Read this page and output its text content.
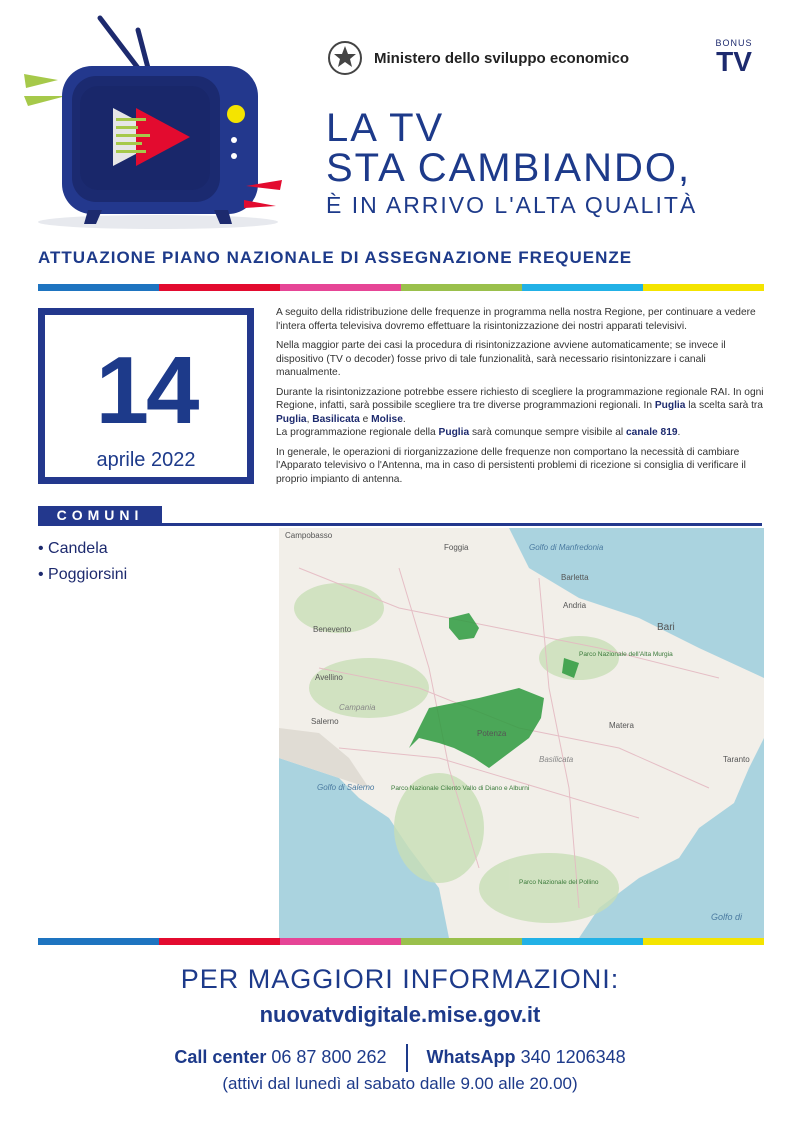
Ministero dello sviluppo economico
BONUS
TV
LA TV
STA CAMBIANDO,
È IN ARRIVO L'ALTA QUALITÀ
ATTUAZIONE PIANO NAZIONALE DI ASSEGNAZIONE FREQUENZE
14
aprile 2022

A seguito della ridistribuzione delle frequenze in programma nella nostra Regione, per continuare a vedere l'intera offerta televisiva dovremo effettuare la risintonizzazione dei nostri apparati televisivi.

Nella maggior parte dei casi la procedura di risintonizzazione avviene automaticamente; se invece il dispositivo (TV o decoder) fosse privo di tale funzionalità, sarà necessario risintonizzare i canali manualmente.

Durante la risintonizzazione potrebbe essere richiesto di scegliere la programmazione regionale RAI. In ogni Regione, infatti, sarà possibile scegliere tra tre diverse programmazioni regionali. In Puglia la scelta sarà tra Puglia, Basilicata e Molise.
La programmazione regionale della Puglia sarà comunque sempre visibile al canale 819.

In generale, le operazioni di riorganizzazione delle frequenze non comportano la necessità di cambiare l'Apparato televisivo o l'Antenna, ma in caso di persistenti problemi di ricezione si consiglia di verificare il proprio impianto di antenna.

COMUNI
• Candela
• Poggiorsini
Campobasso
Foggia	Golfo di Manfredonia
Barletta
Andria
Bari
Benevento
Avellino
Salerno
Campania
Parco Nazionale dell'Alta Murgia
Potenza
Matera
Basilicata	Taranto
Golfo di Salerno	Parco Nazionale Cilento Vallo di Diano e Alburni
Parco Nazionale del Pollino
Golfo di
PER MAGGIORI INFORMAZIONI:
nuovatvdigitale.mise.gov.it
Call center 06 87 800 262 WhatsApp 340 1206348
(attivi dal lunedì al sabato dalle 9.00 alle 20.00)
